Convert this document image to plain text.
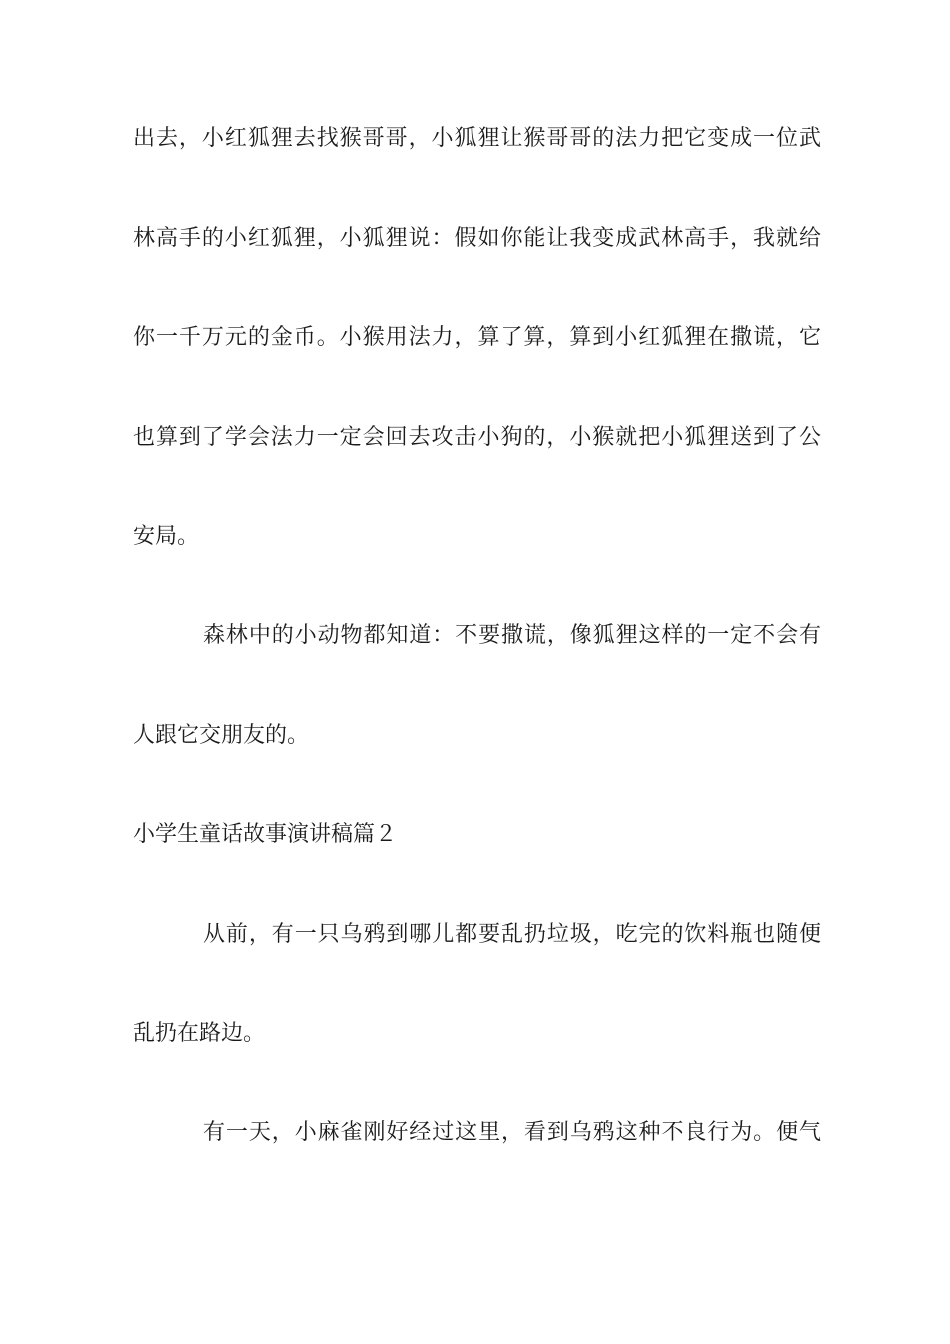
出去，小红狐狸去找猴哥哥，小狐狸让猴哥哥的法力把它变成一位武
林高手的小红狐狸，小狐狸说：假如你能让我变成武林高手，我就给
你一千万元的金币。小猴用法力，算了算，算到小红狐狸在撒谎，它
也算到了学会法力一定会回去攻击小狗的，小猴就把小狐狸送到了公
安局。
森林中的小动物都知道：不要撒谎，像狐狸这样的一定不会有
人跟它交朋友的。
小学生童话故事演讲稿篇２
从前，有一只乌鸦到哪儿都要乱扔垃圾，吃完的饮料瓶也随便
乱扔在路边。
有一天，小麻雀刚好经过这里，看到乌鸦这种不良行为。便气
